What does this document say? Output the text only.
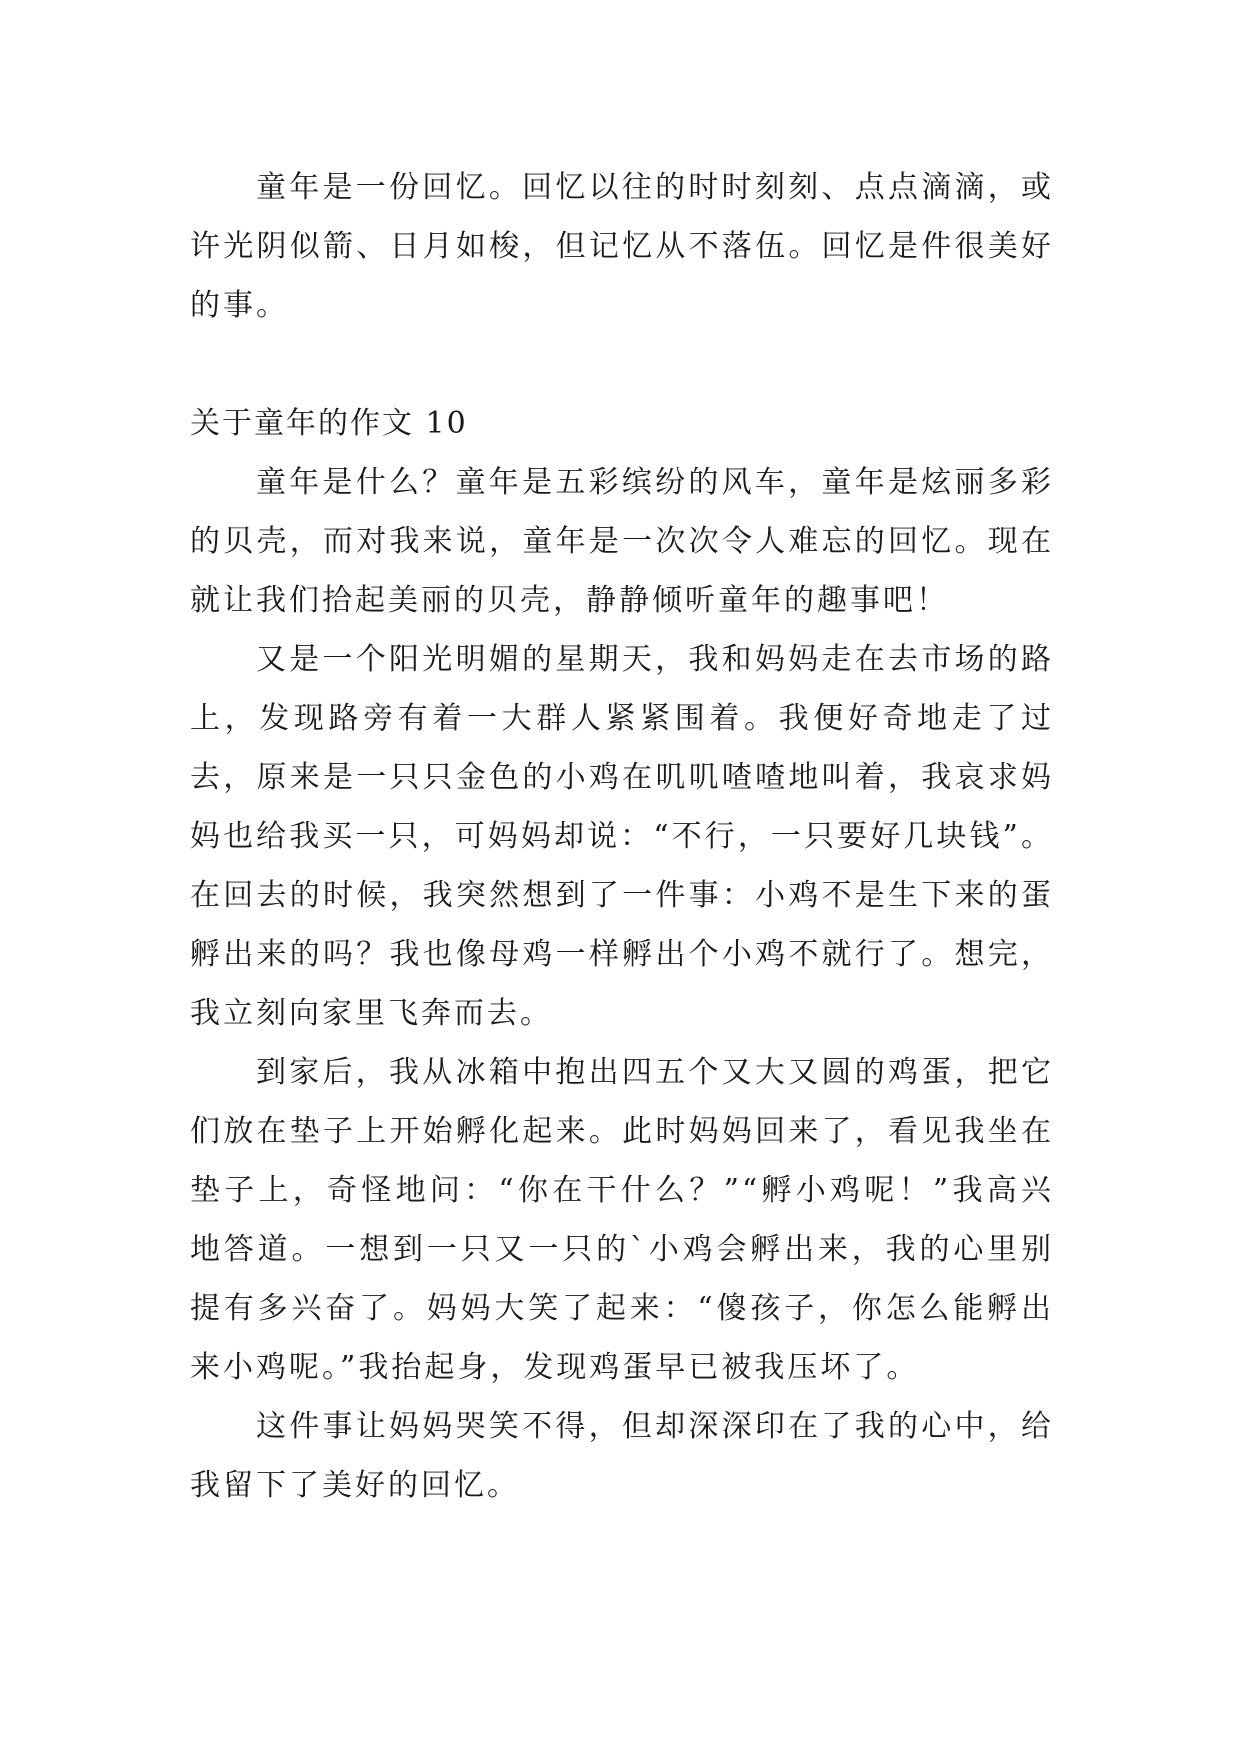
童年是一份回忆。回忆以往的时时刻刻、点点滴滴，或许光阴似箭、日月如梭，但记忆从不落伍。回忆是件很美好的事。

关于童年的作文 10

童年是什么？童年是五彩缤纷的风车，童年是炫丽多彩的贝壳，而对我来说，童年是一次次令人难忘的回忆。现在就让我们拾起美丽的贝壳，静静倾听童年的趣事吧！

又是一个阳光明媚的星期天，我和妈妈走在去市场的路上，发现路旁有着一大群人紧紧围着。我便好奇地走了过去，原来是一只只金色的小鸡在叽叽喳喳地叫着，我哀求妈妈也给我买一只，可妈妈却说：“不行，一只要好几块钱”。在回去的时候，我突然想到了一件事：小鸡不是生下来的蛋孵出来的吗？我也像母鸡一样孵出个小鸡不就行了。想完，我立刻向家里飞奔而去。

到家后，我从冰箱中抱出四五个又大又圆的鸡蛋，把它们放在垫子上开始孵化起来。此时妈妈回来了，看见我坐在垫子上，奇怪地问：“你在干什么？”“孵小鸡呢！”我高兴地答道。一想到一只又一只的`小鸡会孵出来，我的心里别提有多兴奋了。妈妈大笑了起来：“傻孩子，你怎么能孵出来小鸡呢。”我抬起身，发现鸡蛋早已被我压坏了。

这件事让妈妈哭笑不得，但却深深印在了我的心中，给我留下了美好的回忆。
